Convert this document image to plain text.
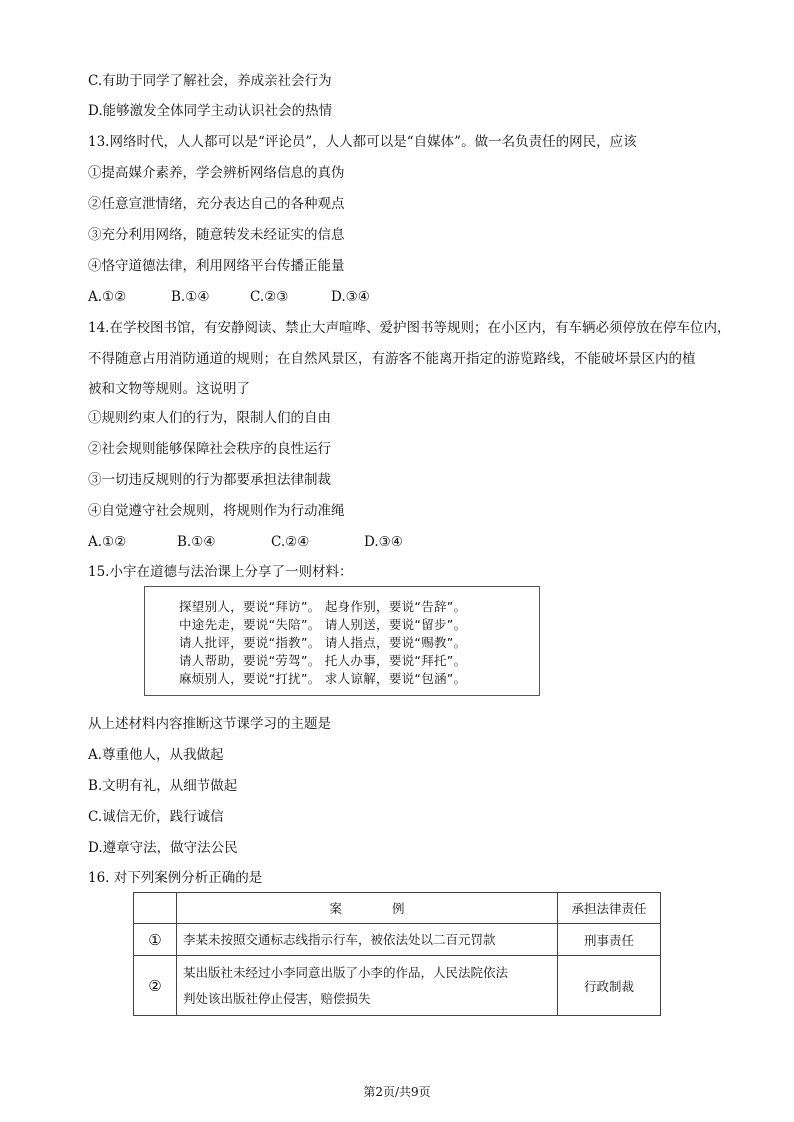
C.有助于同学了解社会，养成亲社会行为
D.能够激发全体同学主动认识社会的热情
13.网络时代，人人都可以是“评论员”，人人都可以是“自媒体”。做一名负责任的网民，应该
①提高媒介素养，学会辨析网络信息的真伪
②任意宣泄情绪，充分表达自己的各种观点
③充分利用网络，随意转发未经证实的信息
④恪守道德法律，利用网络平台传播正能量
A.①②	B.①④	C.②③	D.③④
14.在学校图书馆，有安静阅读、禁止大声喧哗、爱护图书等规则；在小区内，有车辆必须停放在停车位内，
不得随意占用消防通道的规则；在自然风景区，有游客不能离开指定的游览路线，不能破坏景区内的植
被和文物等规则。这说明了
①规则约束人们的行为，限制人们的自由
②社会规则能够保障社会秩序的良性运行
③一切违反规则的行为都要承担法律制裁
④自觉遵守社会规则，将规则作为行动准绳
A.①②	B.①④	C.②④	D.③④
15.小宇在道德与法治课上分享了一则材料：
探望别人，要说“拜访”。 起身作别，要说“告辞”。
中途先走，要说“失陪”。 请人别送，要说“留步”。
请人批评，要说“指教”。 请人指点，要说“赐教”。
请人帮助，要说“劳驾”。 托人办事，要说“拜托”。
麻烦别人，要说“打扰”。 求人谅解，要说“包涵”。
从上述材料内容推断这节课学习的主题是
A.尊重他人，从我做起
B.文明有礼，从细节做起
C.诚信无价，践行诚信
D.遵章守法，做守法公民
16. 对下列案例分析正确的是
	案　　　　例	承担法律责任
①	李某未按照交通标志线指示行车，被依法处以二百元罚款	刑事责任
②	某出版社未经过小李同意出版了小李的作品，人民法院依法
判处该出版社停止侵害，赔偿损失	行政制裁
第2页/共9页
